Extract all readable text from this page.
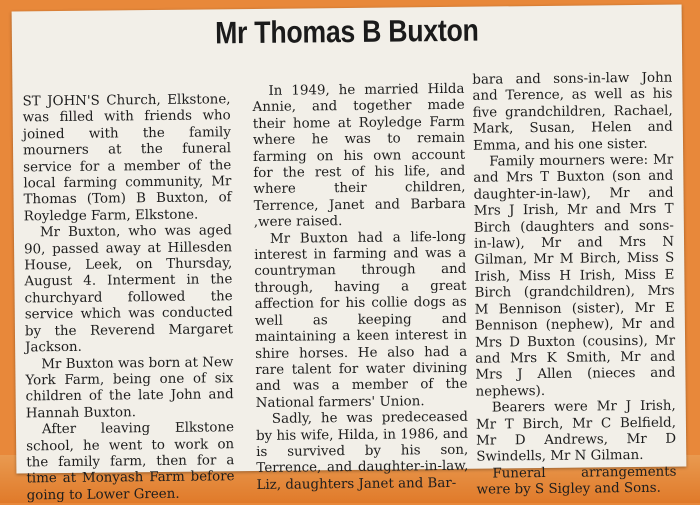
Mr Thomas B Buxton

ST JOHN'S Church, Elkstone, was filled with friends who joined with the family mourners at the funeral service for a member of the local farming community, Mr Thomas (Tom) B Buxton, of Royledge Farm, Elkstone.

Mr Buxton, who was aged 90, passed away at Hillesden House, Leek, on Thursday, August 4. Interment in the churchyard followed the service which was conducted by the Reverend Margaret Jackson.

Mr Buxton was born at New York Farm, being one of six children of the late John and Hannah Buxton.

After leaving Elkstone school, he went to work on the family farm, then for a time at Monyash Farm before going to Lower Green.

In 1949, he married Hilda Annie, and together made their home at Royledge Farm where he was to remain farming on his own account for the rest of his life, and where their children, Terrence, Janet and Barbara ,were raised.

Mr Buxton had a life-long interest in farming and was a countryman through and through, having a great affection for his collie dogs as well as keeping and maintaining a keen interest in shire horses. He also had a rare talent for water divining and was a member of the National farmers' Union.

Sadly, he was predeceased by his wife, Hilda, in 1986, and is survived by his son, Terrence, and daughter-in-law, Liz, daughters Janet and Bar-

bara and sons-in-law John and Terence, as well as his five grandchildren, Rachael, Mark, Susan, Helen and Emma, and his one sister.

Family mourners were: Mr and Mrs T Buxton (son and daughter-in-law), Mr and Mrs J Irish, Mr and Mrs T Birch (daughters and sons-in-law), Mr and Mrs N Gilman, Mr M Birch, Miss S Irish, Miss H Irish, Miss E Birch (grandchildren), Mrs M Bennison (sister), Mr E Bennison (nephew), Mr and Mrs D Buxton (cousins), Mr and Mrs K Smith, Mr and Mrs J Allen (nieces and nephews).

Bearers were Mr J Irish, Mr T Birch, Mr C Belfield, Mr D Andrews, Mr D Swindells, Mr N Gilman.

Funeral arrangements were by S Sigley and Sons.
